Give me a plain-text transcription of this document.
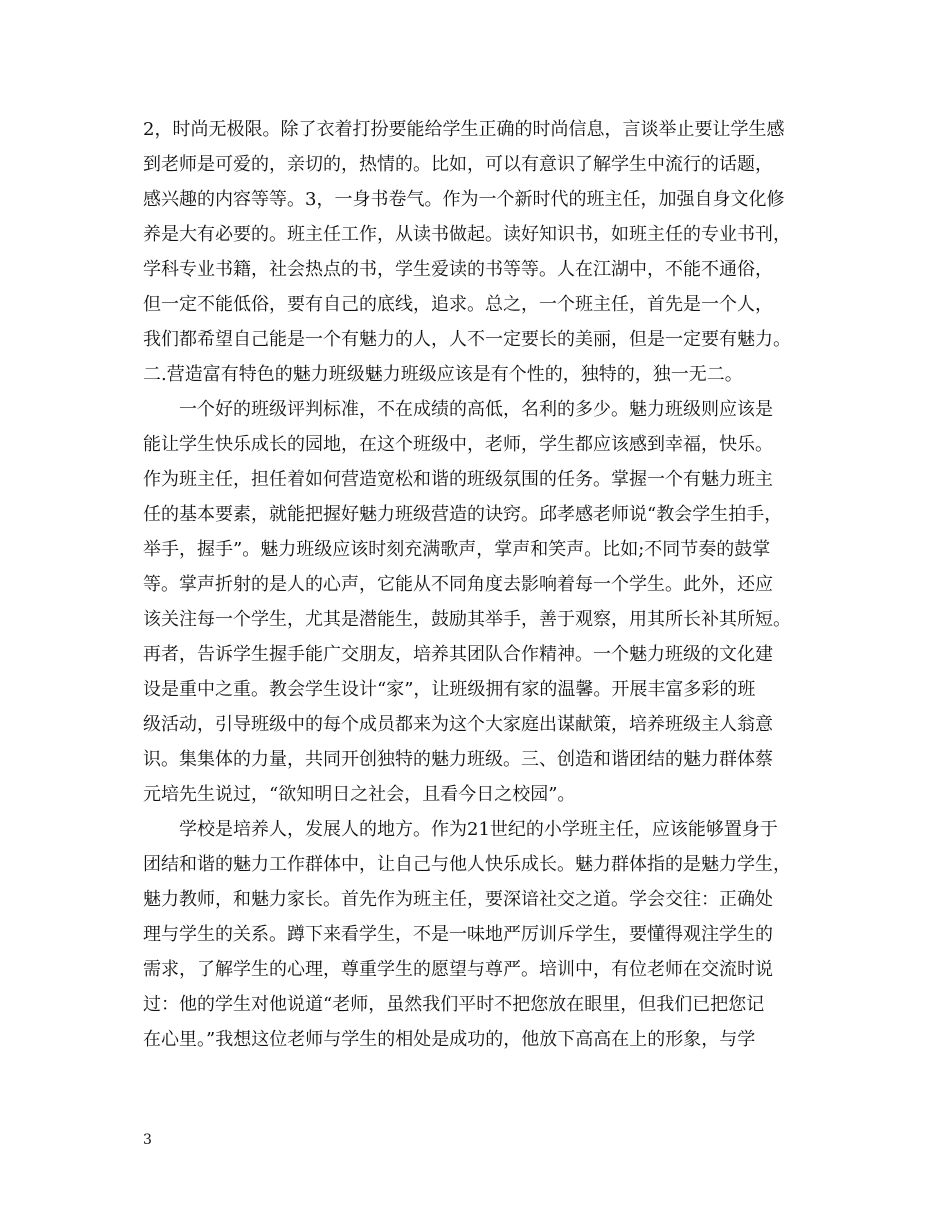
2，时尚无极限。除了衣着打扮要能给学生正确的时尚信息，言谈举止要让学生感
到老师是可爱的，亲切的，热情的。比如，可以有意识了解学生中流行的话题，
感兴趣的内容等等。3，一身书卷气。作为一个新时代的班主任，加强自身文化修
养是大有必要的。班主任工作，从读书做起。读好知识书，如班主任的专业书刊，
学科专业书籍，社会热点的书，学生爱读的书等等。人在江湖中，不能不通俗，
但一定不能低俗，要有自己的底线，追求。总之，一个班主任，首先是一个人，
我们都希望自己能是一个有魅力的人，人不一定要长的美丽，但是一定要有魅力。
二.营造富有特色的魅力班级魅力班级应该是有个性的，独特的，独一无二。
　　一个好的班级评判标准，不在成绩的高低，名利的多少。魅力班级则应该是
能让学生快乐成长的园地，在这个班级中，老师，学生都应该感到幸福，快乐。
作为班主任，担任着如何营造宽松和谐的班级氛围的任务。掌握一个有魅力班主
任的基本要素，就能把握好魅力班级营造的诀窍。邱孝感老师说“教会学生拍手，
举手，握手”。魅力班级应该时刻充满歌声，掌声和笑声。比如;不同节奏的鼓掌
等。掌声折射的是人的心声，它能从不同角度去影响着每一个学生。此外，还应
该关注每一个学生，尤其是潜能生，鼓励其举手，善于观察，用其所长补其所短。
再者，告诉学生握手能广交朋友，培养其团队合作精神。一个魅力班级的文化建
设是重中之重。教会学生设计“家”，让班级拥有家的温馨。开展丰富多彩的班
级活动，引导班级中的每个成员都来为这个大家庭出谋献策，培养班级主人翁意
识。集集体的力量，共同开创独特的魅力班级。三、创造和谐团结的魅力群体蔡
元培先生说过，“欲知明日之社会，且看今日之校园”。
　　学校是培养人，发展人的地方。作为21世纪的小学班主任，应该能够置身于
团结和谐的魅力工作群体中，让自己与他人快乐成长。魅力群体指的是魅力学生，
魅力教师，和魅力家长。首先作为班主任，要深谙社交之道。学会交往：正确处
理与学生的关系。蹲下来看学生，不是一味地严厉训斥学生，要懂得观注学生的
需求，了解学生的心理，尊重学生的愿望与尊严。培训中，有位老师在交流时说
过：他的学生对他说道“老师，虽然我们平时不把您放在眼里，但我们已把您记
在心里。”我想这位老师与学生的相处是成功的，他放下高高在上的形象，与学
3
